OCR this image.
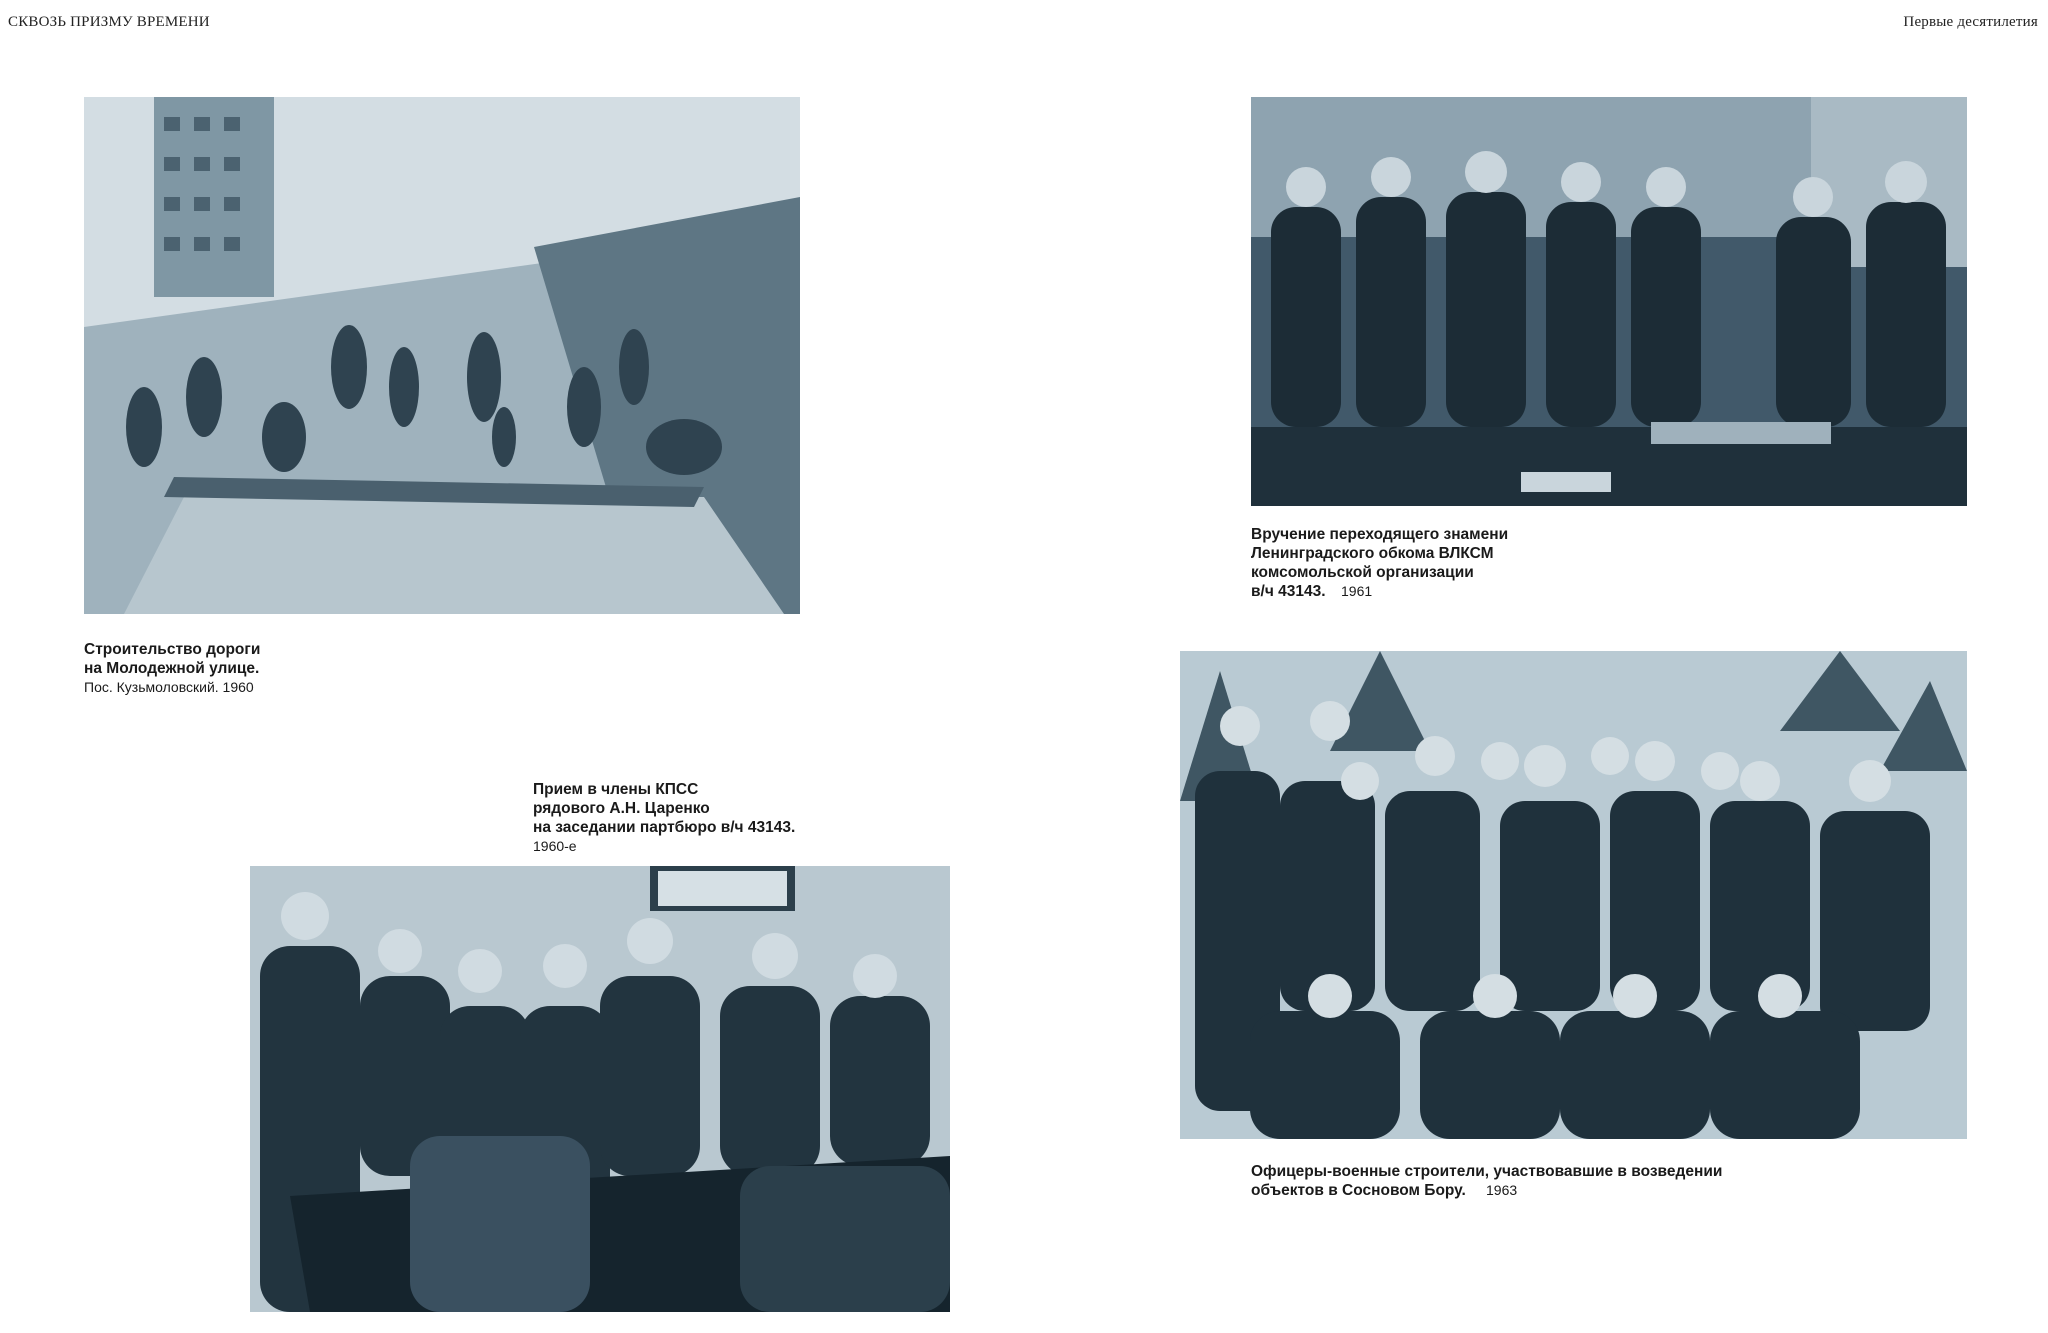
СКВОЗЬ ПРИЗМУ ВРЕМЕНИ	Первые десятилетия
Строительство дороги
на Молодежной улице.
Пос. Кузьмоловский. 1960
Вручение переходящего знамени
Ленинградского обкома ВЛКСМ
комсомольской организации
в/ч 43143.	1961
Прием в члены КПСС
рядового А.Н. Царенко
на заседании партбюро в/ч 43143.
1960-е
Офицеры-военные строители, участвовавшие в возведении
объектов в Сосновом Бору.	1963
